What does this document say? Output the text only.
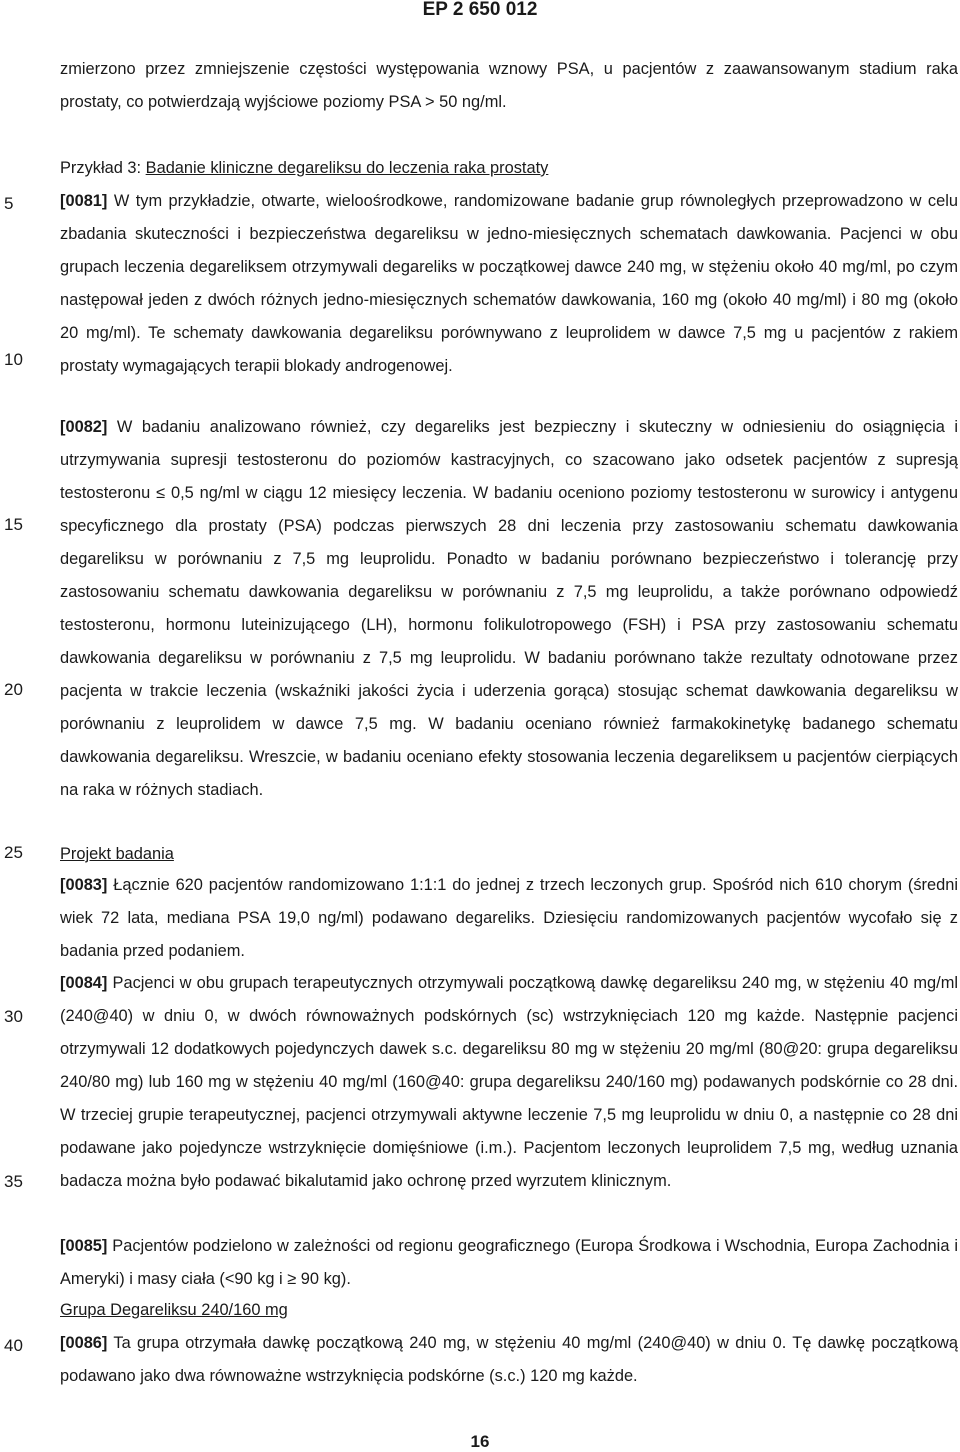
EP 2 650 012
5
10
15
20
25
30
35
40

zmierzono przez zmniejszenie częstości występowania wznowy PSA, u pacjentów z zaawansowanym stadium raka prostaty, co potwierdzają wyjściowe poziomy PSA > 50 ng/ml.

Przykład 3: Badanie kliniczne degareliksu do leczenia raka prostaty

[0081] W tym przykładzie, otwarte, wieloośrodkowe, randomizowane badanie grup równoległych przeprowadzono w celu zbadania skuteczności i bezpieczeństwa degareliksu w jedno-miesięcznych schematach dawkowania. Pacjenci w obu grupach leczenia degareliksem otrzymywali degareliks w początkowej dawce 240 mg, w stężeniu około 40 mg/ml, po czym następował jeden z dwóch różnych jedno-miesięcznych schematów dawkowania, 160 mg (około 40 mg/ml) i 80 mg (około 20 mg/ml). Te schematy dawkowania degareliksu porównywano z leuprolidem w dawce 7,5 mg u pacjentów z rakiem prostaty wymagających terapii blokady androgenowej.

[0082] W badaniu analizowano również, czy degareliks jest bezpieczny i skuteczny w odniesieniu do osiągnięcia i utrzymywania supresji testosteronu do poziomów kastracyjnych, co szacowano jako odsetek pacjentów z supresją testosteronu ≤ 0,5 ng/ml w ciągu 12 miesięcy leczenia. W badaniu oceniono poziomy testosteronu w surowicy i antygenu specyficznego dla prostaty (PSA) podczas pierwszych 28 dni leczenia przy zastosowaniu schematu dawkowania degareliksu w porównaniu z 7,5 mg leuprolidu. Ponadto w badaniu porównano bezpieczeństwo i tolerancję przy zastosowaniu schematu dawkowania degareliksu w porównaniu z 7,5 mg leuprolidu, a także porównano odpowiedź testosteronu, hormonu luteinizującego (LH), hormonu folikulotropowego (FSH) i PSA przy zastosowaniu schematu dawkowania degareliksu w porównaniu z 7,5 mg leuprolidu. W badaniu porównano także rezultaty odnotowane przez pacjenta w trakcie leczenia (wskaźniki jakości życia i uderzenia gorąca) stosując schemat dawkowania degareliksu w porównaniu z leuprolidem w dawce 7,5 mg. W badaniu oceniano również farmakokinetykę badanego schematu dawkowania degareliksu. Wreszcie, w badaniu oceniano efekty stosowania leczenia degareliksem u pacjentów cierpiących na raka w różnych stadiach.

Projekt badania

[0083] Łącznie 620 pacjentów randomizowano 1:1:1 do jednej z trzech leczonych grup. Spośród nich 610 chorym (średni wiek 72 lata, mediana PSA 19,0 ng/ml) podawano degareliks. Dziesięciu randomizowanych pacjentów wycofało się z badania przed podaniem.

[0084] Pacjenci w obu grupach terapeutycznych otrzymywali początkową dawkę degareliksu 240 mg, w stężeniu 40 mg/ml (240@40) w dniu 0, w dwóch równoważnych podskórnych (sc) wstrzyknięciach 120 mg każde. Następnie pacjenci otrzymywali 12 dodatkowych pojedynczych dawek s.c. degareliksu 80 mg w stężeniu 20 mg/ml (80@20: grupa degareliksu 240/80 mg) lub 160 mg w stężeniu 40 mg/ml (160@40: grupa degareliksu 240/160 mg) podawanych podskórnie co 28 dni. W trzeciej grupie terapeutycznej, pacjenci otrzymywali aktywne leczenie 7,5 mg leuprolidu w dniu 0, a następnie co 28 dni podawane jako pojedyncze wstrzyknięcie domięśniowe (i.m.). Pacjentom leczonych leuprolidem 7,5 mg, według uznania badacza można było podawać bikalutamid jako ochronę przed wyrzutem klinicznym.

[0085] Pacjentów podzielono w zależności od regionu geograficznego (Europa Środkowa i Wschodnia, Europa Zachodnia i Ameryki) i masy ciała (<90 kg i ≥ 90 kg).

Grupa Degareliksu 240/160 mg

[0086] Ta grupa otrzymała dawkę początkową 240 mg, w stężeniu 40 mg/ml (240@40) w dniu 0. Tę dawkę początkową podawano jako dwa równoważne wstrzyknięcia podskórne (s.c.) 120 mg każde.

16
